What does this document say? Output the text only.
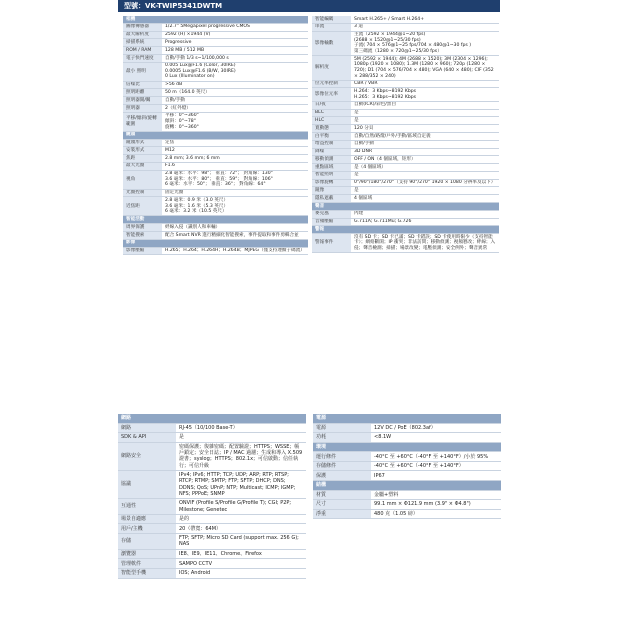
型號：VK-TWIP5341DWTM
相機	
圖像傳感器	1/2.7" 5Megapixel progressive CMOS
最大解析度	2592 (H) ×1944 (V)
掃描系統	Progressive
ROM / RAM	128 MB / 512 MB
電子快門速度	自動/手動 1/3 s~1/100,000 s
最小 照明	0.005 Lux@F1.6 (Color, 30IRE)
0.0005 Lux@F1.6 (B/W, 30IRE)
0 Lux (Illuminator on)
信噪比	>56 dB
照明距離	50 m（164.0 英尺）
照明器開/關	自動/手動
照明器	2（紅外燈）
平移/傾斜/旋轉範圍	平移：0°~360°
傾斜：0°~78°
旋轉：0°~360°
鏡頭	
鏡頭形式	定焦
安裝形式	M12
焦距	2.8 mm; 3.6 mm; 6 mm
最大光圈	F1.6
視角	2.8 毫米：水平：98°； 垂直：72°； 對角線：130°
3.6 毫米：水平：80°； 垂直：59°； 對角線：106°
6 毫米：水平：50°； 垂直：36°； 對角線：64°
光圈控制	固定光圈
近焦距	2.8 毫米：0.9 米（3.0 英尺）
3.6 毫米：1.6 米（5.3 英尺）
6 毫米：3.2 米（10.5 英尺）
智能活動	
周界保護	絆線入侵（識別人和車輛）
智能搜索	配合 Smart NVR 進行精細化智能搜索，事件提取和事件剪輯合並
影像	
影像壓縮	H.265；H.264；H.264H；H.264B；MJPEG（僅支持連續子碼流）
智能編碼	Smart H.265+ / Smart H.264+
串流	3 道
影像輸數	主流（2592 × 1944@1~20 fps)
(2688 × 1520@1~25/30 fps)
子流( 704 × 576@1~25 fps/704 × 480@1~30 fps )
第三碼流（1280 × 720@1~25/30 fps）
解析度	5M (2592 × 1944); 4M (2688 × 1520); 3M (2304 × 1296); 1080p (1920 × 1080); 1.3M (1280 × 960); 720p (1280 × 720); D1 (704 × 576/704 × 480); VGA (640 × 480); CIF (352 × 288/352 × 240)
位元率控制	CBR / VBR
影像位元率	H.264：3 Kbps~8192 Kbps
H.265：3 Kbps~8192 Kbps
日/夜	自動(ICR)/彩色/黑白
BLC	是
HLC	是
寬動態	120 分貝
白平衡	自動/自然/路燈/戶外/手動/區域自定義
增益控制	自動/手動
降噪	3D DNR
移動偵測	OFF / ON（4 個區域，矩形）
重點區域	是（4 個區域）
智能照明	是
影像旋轉	0°/90°/180°/270°（支持 90°/270° 1920 × 1080 分辨率及以下）
鏡像	是
隱私遮蔽	4 個區域
聲音	
麥克風	內建
音頻壓縮	G.711A; G.711Mu; G.726
警報	
警報事件	沒有 SD 卡；SD 卡已滿；SD 卡錯誤；SD 卡使用時限少（支持智能卡）；網絡斷開；IP 衝突；非法訪問；移動偵測；視頻篡改；絆線；入侵；聲音檢測；掃描；場景改變；電壓偵測；安全例外；聲音異常
網路	
網路	RJ-45（10/100 Base-T）
SDK & API	是
網路安全	密碼保護；復雜密碼；配置驗證；HTTPS；WSSE；帳戶鎖定；安全日誌；IP / MAC 過濾；生成和導入 X.509 證書；syslog；HTTPS；802.1x；可信啟動；信任執行；可信升級
協議	IPv4; IPv6; HTTP; TCP; UDP; ARP; RTP; RTSP; RTCP; RTMP; SMTP; FTP; SFTP; DHCP; DNS; DDNS; QoS; UPnP; NTP; Multicast; ICMP; IGMP; NFS; PPPoE; SNMP
互通性	ONVIF (Profile S/Profile G/Profile T); CGI; P2P; Milestone; Genetec
場景自適應	是的
用戶/主機	20（帶寬：64M）
存儲	FTP; SFTP; Micro SD Card (support max. 256 G); NAS
瀏覽器	IE8、IE9、IE11、Chrome、Firefox
管理軟件	SAMPO CCTV
智能型手機	IOS; Android
電源	
電源	12V DC / PoE（802.3af）
功耗	<8.1W
環境	
運行條件	-40°C 至 +60°C（-40°F 至 +140°F）/小於 95%
存儲條件	-40°C 至 +60°C（-40°F 至 +140°F）
保護	IP67
結構	
材質	金屬+塑料
尺寸	99.1 mm × Φ121.9 mm (3.9" × Φ4.8")
淨重	480 克（1.05 磅）
